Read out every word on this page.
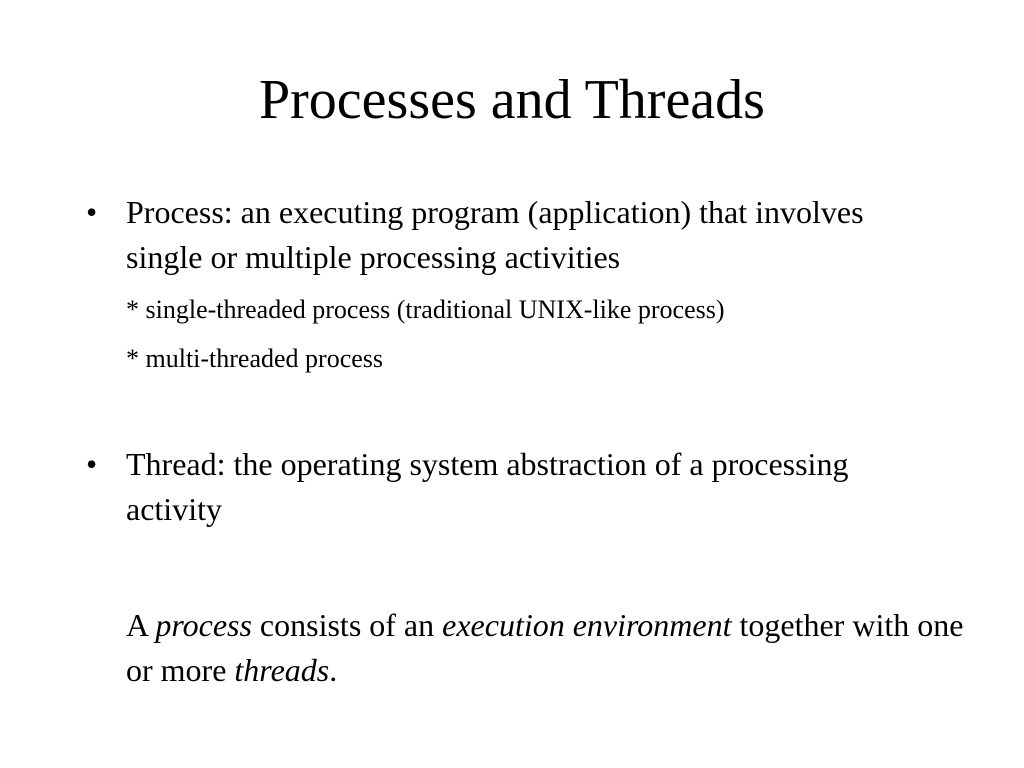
Processes and Threads
• Process: an executing program (application) that involves single or multiple processing activities
* single-threaded process (traditional UNIX-like process)
* multi-threaded process
• Thread: the operating system abstraction of a processing activity
A process consists of an execution environment together with one or more threads.
